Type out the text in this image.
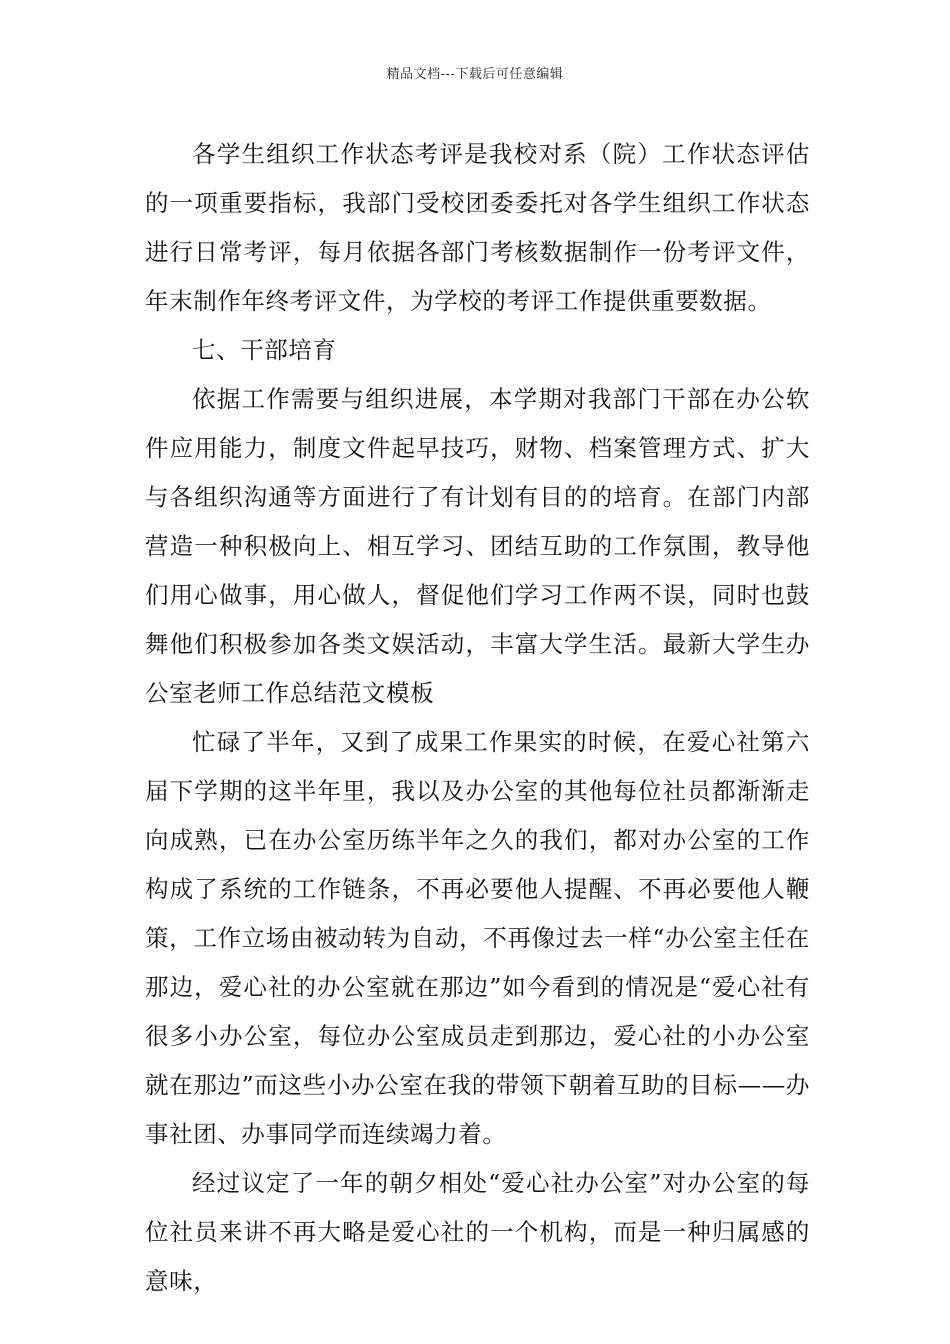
精品文档---下载后可任意编辑

各学生组织工作状态考评是我校对系（院）工作状态评估的一项重要指标，我部门受校团委委托对各学生组织工作状态进行日常考评，每月依据各部门考核数据制作一份考评文件，年末制作年终考评文件，为学校的考评工作提供重要数据。

七、干部培育

依据工作需要与组织进展，本学期对我部门干部在办公软件应用能力，制度文件起早技巧，财物、档案管理方式、扩大与各组织沟通等方面进行了有计划有目的的培育。在部门内部营造一种积极向上、相互学习、团结互助的工作氛围，教导他们用心做事，用心做人，督促他们学习工作两不误，同时也鼓舞他们积极参加各类文娱活动，丰富大学生活。最新大学生办公室老师工作总结范文模板

忙碌了半年，又到了成果工作果实的时候，在爱心社第六届下学期的这半年里，我以及办公室的其他每位社员都渐渐走向成熟，已在办公室历练半年之久的我们，都对办公室的工作构成了系统的工作链条，不再必要他人提醒、不再必要他人鞭策，工作立场由被动转为自动，不再像过去一样“办公室主任在那边，爱心社的办公室就在那边”如今看到的情况是“爱心社有很多小办公室，每位办公室成员走到那边，爱心社的小办公室就在那边”而这些小办公室在我的带领下朝着互助的目标——办事社团、办事同学而连续竭力着。

经过议定了一年的朝夕相处“爱心社办公室”对办公室的每位社员来讲不再大略是爱心社的一个机构，而是一种归属感的意味，
